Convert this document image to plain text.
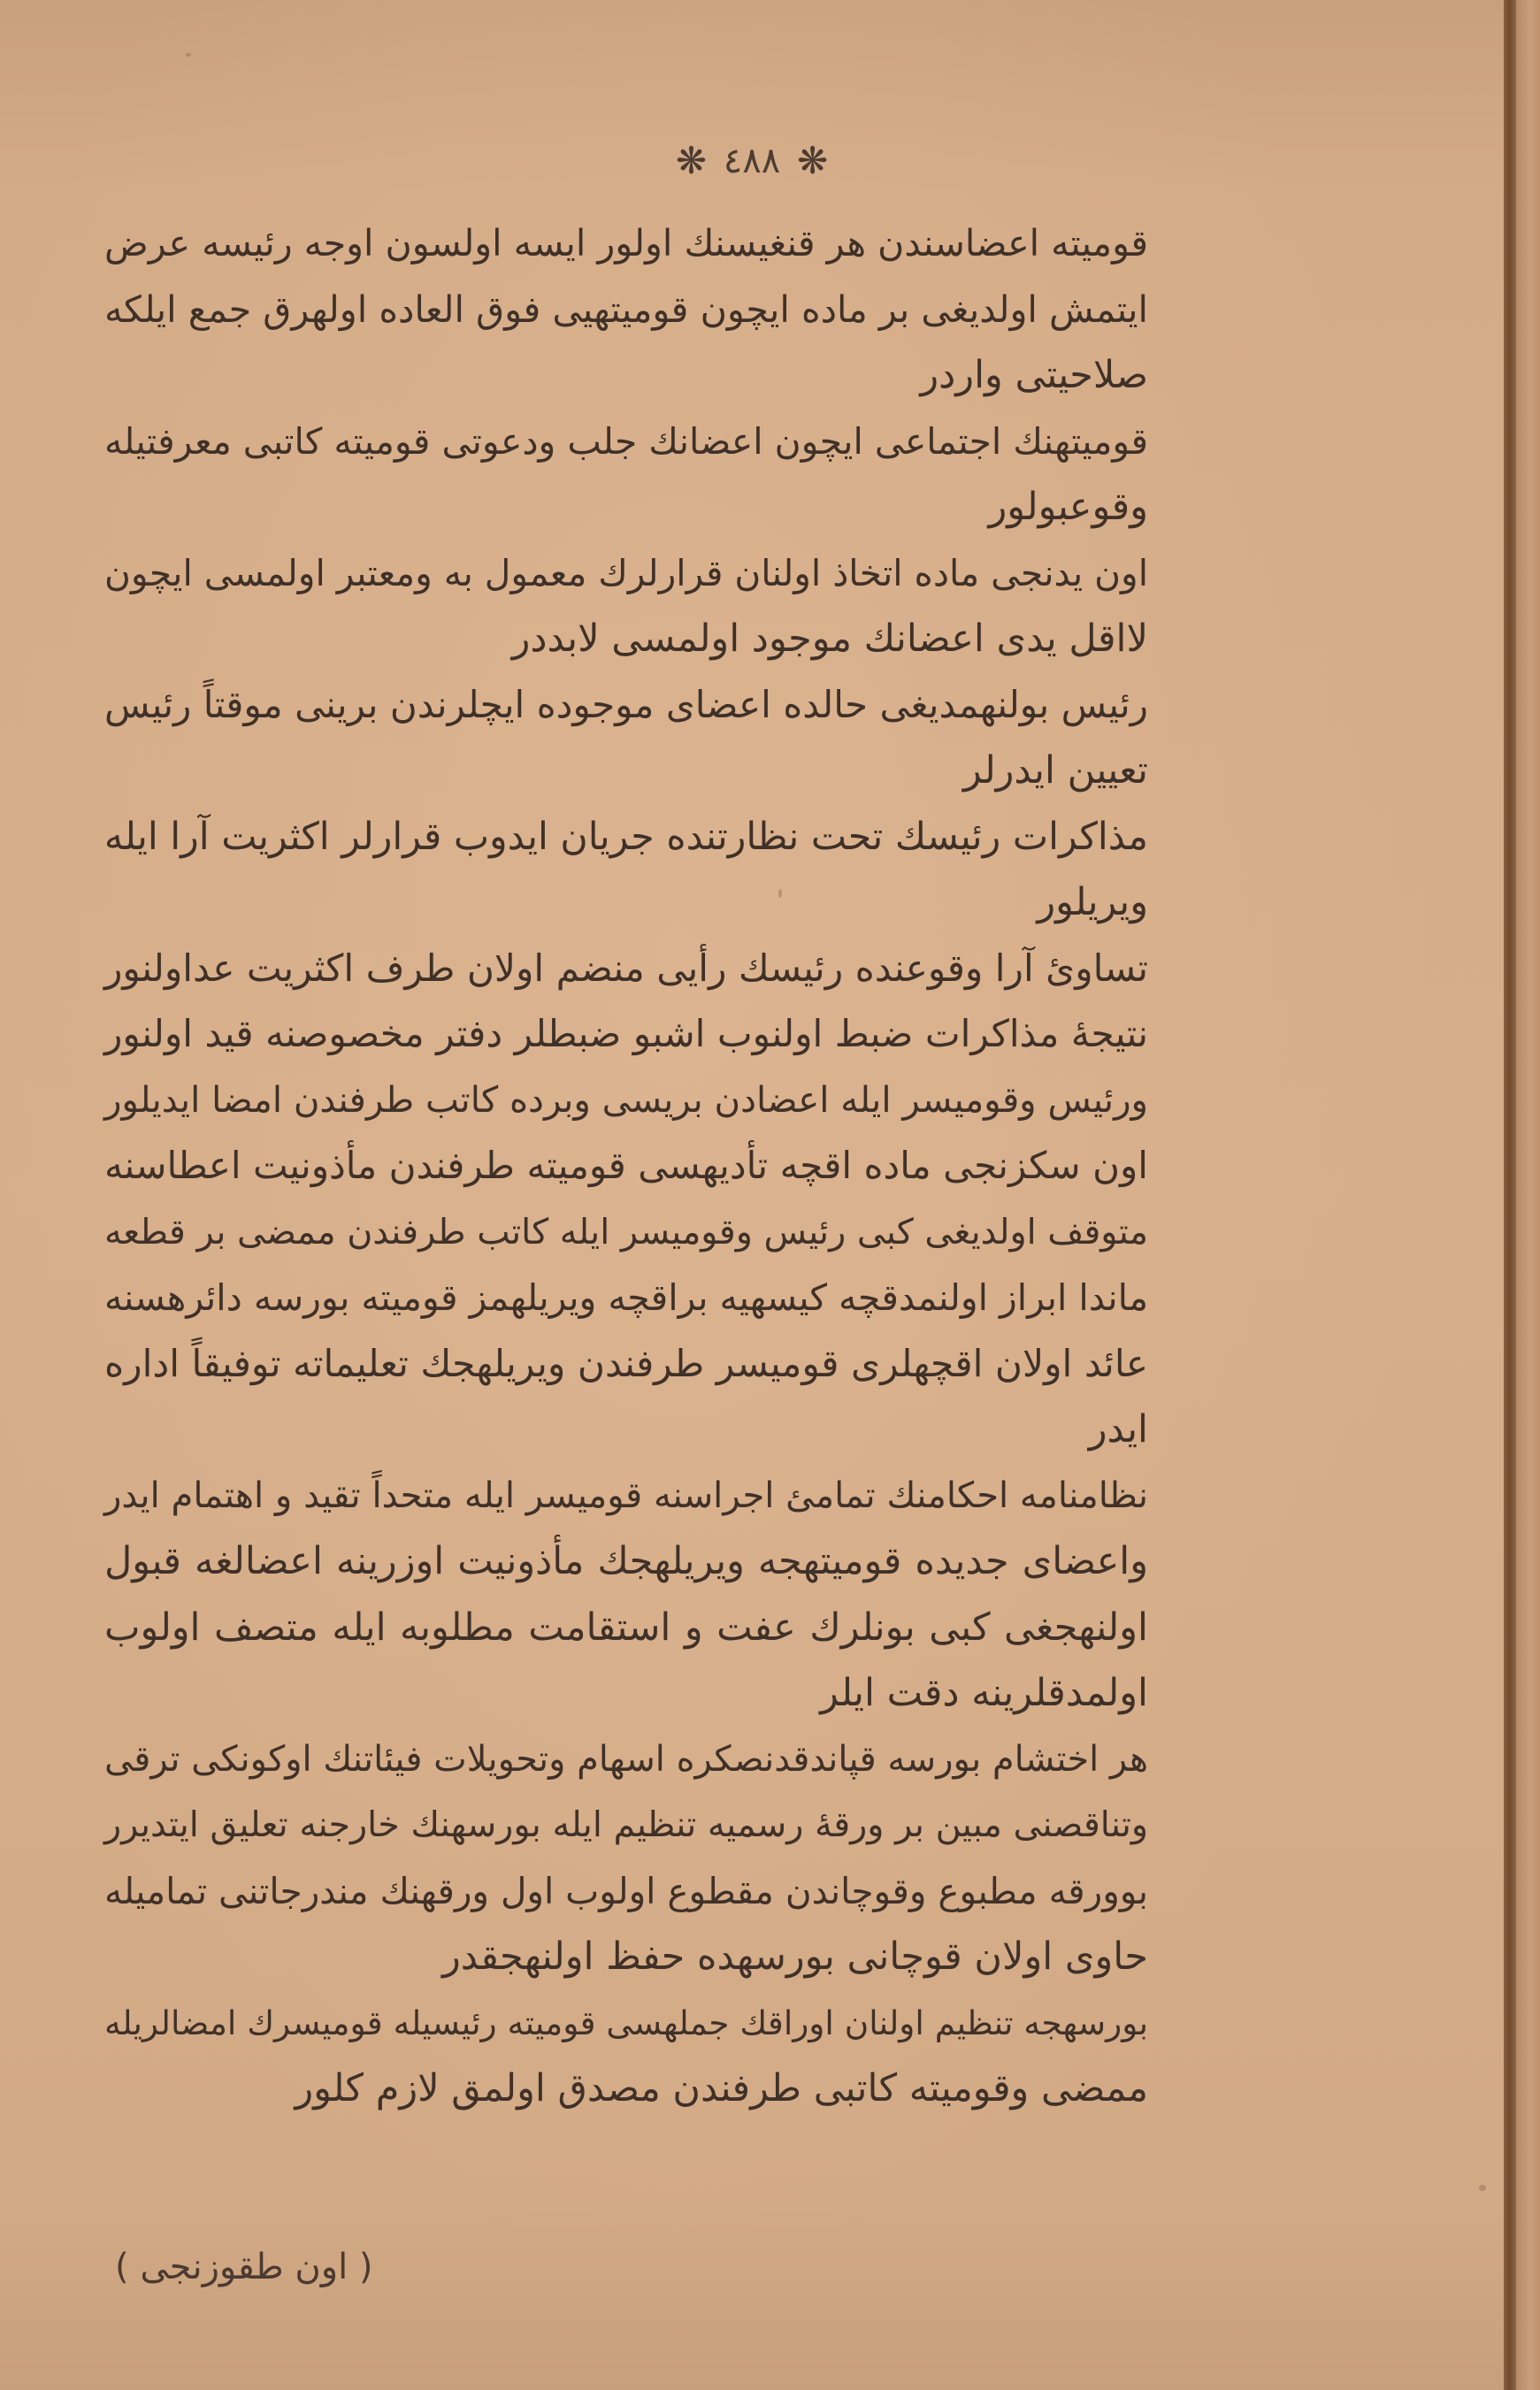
❋ ٤٨٨ ❋
قومیته اعضاسندن هر قنغیسنك اولور ایسه اولسون اوجه رئیسه عرض
ایتمش اولدیغی بر ماده ایچون قومیتهیی فوق العاده اولهرق جمع ایلکه
صلاحیتی واردر
قومیتهنك اجتماعی ایچون اعضانك جلب ودعوتی قومیته کاتبی معرفتیله
وقوعبولور
اون یدنجی ماده اتخاذ اولنان قرارلرك معمول به ومعتبر اولمسی ایچون
لااقل یدی اعضانك موجود اولمسی لابددر
رئیس بولنهمدیغی حالده اعضای موجوده ایچلرندن برینی موقتاً رئیس
تعیین ایدرلر
مذاکرات رئیسك تحت نظارتنده جریان ایدوب قرارلر اکثریت آرا ایله
ویریلور
تساوئ آرا وقوعنده رئیسك رأیی منضم اولان طرف اکثریت عداولنور
نتیجهٔ مذاکرات ضبط اولنوب اشبو ضبطلر دفتر مخصوصنه قید اولنور
ورئیس وقومیسر ایله اعضادن بریسی وبرده کاتب طرفندن امضا ایدیلور
اون سکزنجی ماده اقچه تأدیهسی قومیته طرفندن مأذونیت اعطاسنه
متوقف اولدیغی کبی رئیس وقومیسر ایله کاتب طرفندن ممضی بر قطعه
ماندا ابراز اولنمدقچه کیسهیه براقچه ویریلهمز قومیته بورسه دائرهسنه
عائد اولان اقچهلری قومیسر طرفندن ویریلهجك تعلیماته توفیقاً اداره
ایدر
نظامنامه احکامنك تمامئ اجراسنه قومیسر ایله متحداً تقید و اهتمام ایدر
واعضای جدیده قومیتهجه ویریلهجك مأذونیت اوزرینه اعضالغه قبول
اولنهجغی کبی بونلرك عفت و استقامت مطلوبه ایله متصف اولوب
اولمدقلرینه دقت ایلر
هر اختشام بورسه قپاندقدنصکره اسهام وتحویلات فیئاتنك اوکونکی ترقی
وتناقصنی مبین بر ورقهٔ رسمیه تنظیم ایله بورسهنك خارجنه تعلیق ایتدیرر
بوورقه مطبوع وقوچاندن مقطوع اولوب اول ورقهنك مندرجاتنی تمامیله
حاوی اولان قوچانی بورسهده حفظ اولنهجقدر
بورسهجه تنظیم اولنان اوراقك جملهسی قومیته رئیسیله قومیسرك امضالریله
ممضی وقومیته کاتبی طرفندن مصدق اولمق لازم کلور
( اون طقوزنجی )
